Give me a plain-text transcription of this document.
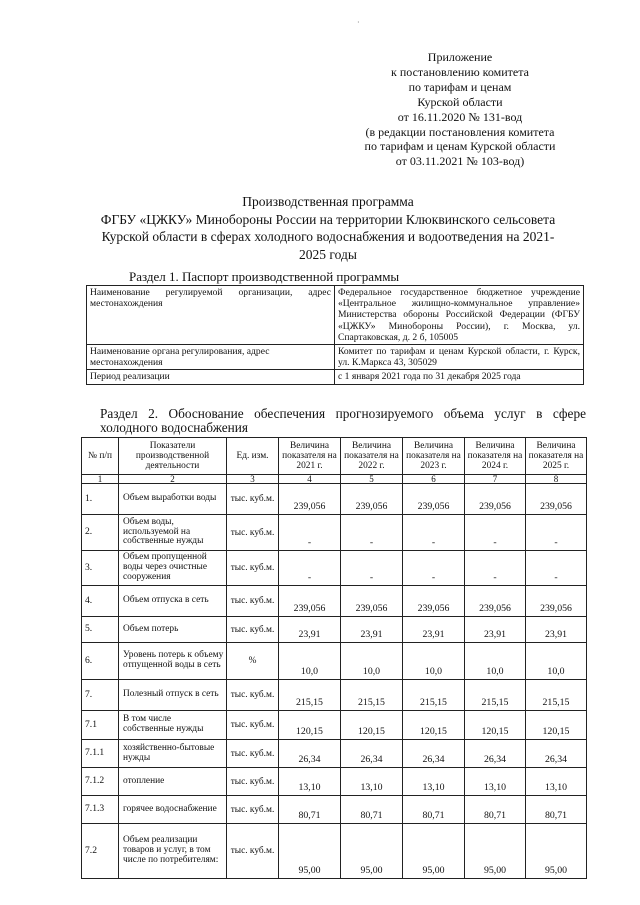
·
Приложение
к постановлению комитета
по тарифам и ценам
Курской области
от 16.11.2020 № 131-вод
(в редакции постановления комитета
по тарифам и ценам Курской области
от 03.11.2021 № 103-вод)
Производственная программа
ФГБУ «ЦЖКУ» Минобороны России на территории Клюквинского сельсовета
Курской области в сферах холодного водоснабжения и водоотведения на 2021-
2025 годы
Раздел 1. Паспорт производственной программы
Наименование регулируемой организации, адрес местонахождения	Федеральное государственное бюджетное учреждение «Центральное жилищно-коммунальное управление» Министерства обороны Российской Федерации (ФГБУ «ЦЖКУ» Минобороны России), г. Москва, ул. Спартаковская, д. 2 б, 105005
Наименование органа регулирования, адрес местонахождения	Комитет по тарифам и ценам Курской области, г. Курск, ул. К.Маркса 43, 305029
Период реализации	с 1 января 2021 года по 31 декабря 2025 года
Раздел 2. Обоснование обеспечения прогнозируемого объема услуг в сфере холодного водоснабжения
№ п/п	Показатели производственной деятельности	Ед. изм.	Величина показателя на 2021 г.	Величина показателя на 2022 г.	Величина показателя на 2023 г.	Величина показателя на 2024 г.	Величина показателя на 2025 г.
1	2	3	4	5	6	7	8
1.	Объем выработки воды	тыс. куб.м.	239,056	239,056	239,056	239,056	239,056
2.	Объем воды, используемой на собственные нужды	тыс. куб.м.	-	-	-	-	-
3.	Объем пропущенной воды через очистные сооружения	тыс. куб.м.	-	-	-	-	-
4.	Объем отпуска в сеть	тыс. куб.м.	239,056	239,056	239,056	239,056	239,056
5.	Объем потерь	тыс. куб.м.	23,91	23,91	23,91	23,91	23,91
6.	Уровень потерь к объему отпущенной воды в сеть	%	10,0	10,0	10,0	10,0	10,0
7.	Полезный отпуск в сеть	тыс. куб.м.	215,15	215,15	215,15	215,15	215,15
7.1	В том числе собственные нужды	тыс. куб.м.	120,15	120,15	120,15	120,15	120,15
7.1.1	хозяйственно-бытовые нужды	тыс. куб.м.	26,34	26,34	26,34	26,34	26,34
7.1.2	отопление	тыс. куб.м.	13,10	13,10	13,10	13,10	13,10
7.1.3	горячее водоснабжение	тыс. куб.м.	80,71	80,71	80,71	80,71	80,71
7.2	Объем реализации товаров и услуг, в том числе по потребителям:	тыс. куб.м.	95,00	95,00	95,00	95,00	95,00
